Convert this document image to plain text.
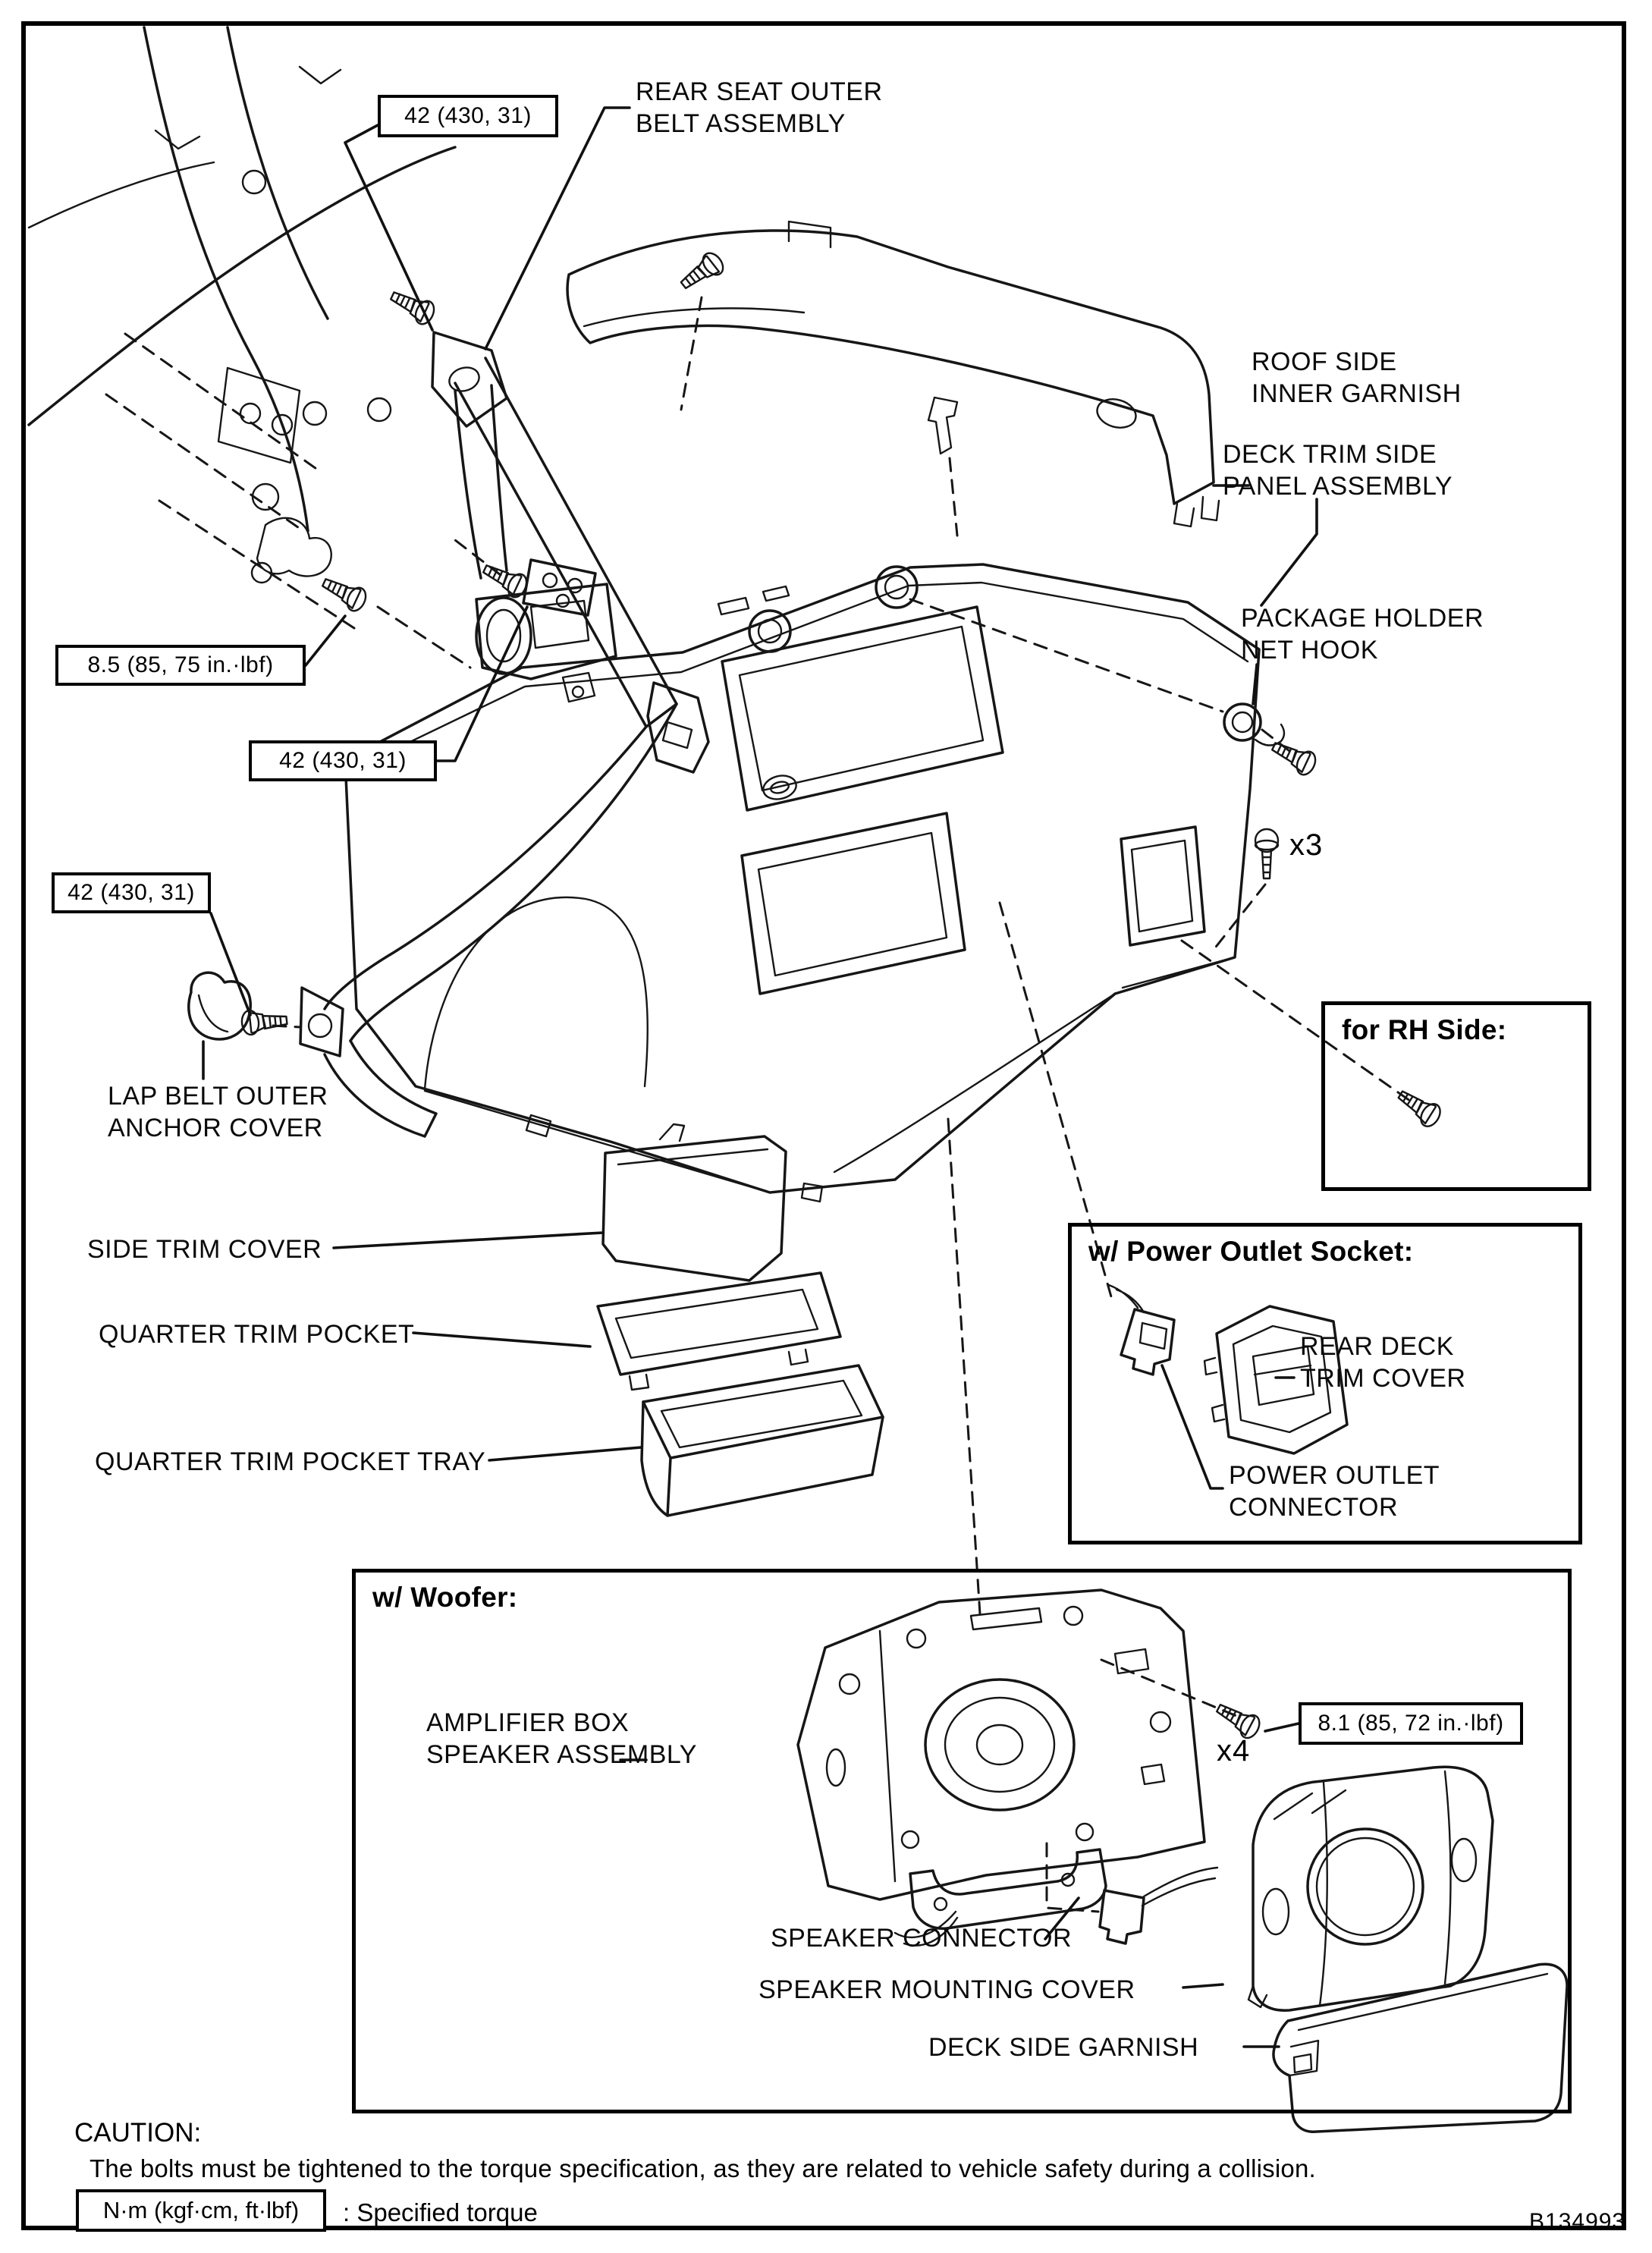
for RH Side:
w/ Power Outlet Socket:
w/ Woofer:
42 (430, 31)
8.5 (85, 75 in.·lbf)
42 (430, 31)
42 (430, 31)
8.1 (85, 72 in.·lbf)
REAR SEAT OUTER
BELT ASSEMBLY
ROOF SIDE
INNER GARNISH
DECK TRIM SIDE
PANEL ASSEMBLY
PACKAGE HOLDER
NET HOOK
LAP BELT OUTER
ANCHOR COVER
SIDE TRIM COVER
QUARTER TRIM POCKET
QUARTER TRIM POCKET TRAY
REAR DECK
TRIM COVER
POWER OUTLET
CONNECTOR
AMPLIFIER BOX
SPEAKER ASSEMBLY
SPEAKER CONNECTOR
SPEAKER MOUNTING COVER
DECK SIDE GARNISH
x3
x4
CAUTION:
The bolts must be tightened to the torque specification, as they are related to vehicle safety during a collision.
N·m (kgf·cm, ft·lbf)	: Specified torque	B134993
